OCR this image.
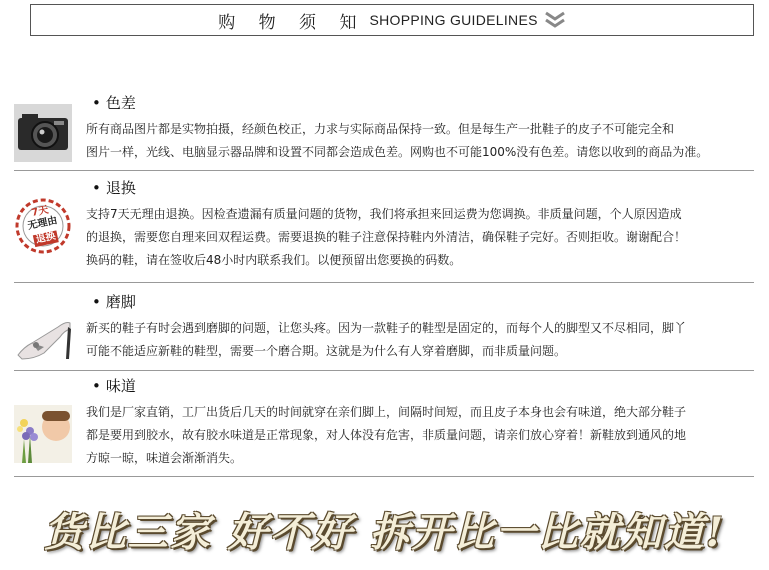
购 物 须 知 SHOPPING GUIDELINES
• 色差

所有商品图片都是实物拍摄，经颜色校正，力求与实际商品保持一致。但是每生产一批鞋子的皮子不可能完全和

图片一样，光线、电脑显示器品牌和设置不同都会造成色差。网购也不可能100%没有色差。请您以收到的商品为准。

7天
无理由
退换
• 退换

支持7天无理由退换。因检查遗漏有质量问题的货物，我们将承担来回运费为您调换。非质量问题，个人原因造成

的退换，需要您自理来回双程运费。需要退换的鞋子注意保持鞋内外清洁，确保鞋子完好。否则拒收。谢谢配合！

换码的鞋，请在签收后48小时内联系我们。以便预留出您要换的码数。

• 磨脚

新买的鞋子有时会遇到磨脚的问题，让您头疼。因为一款鞋子的鞋型是固定的，而每个人的脚型又不尽相同，脚丫

可能不能适应新鞋的鞋型，需要一个磨合期。这就是为什么有人穿着磨脚，而非质量问题。

• 味道

我们是厂家直销，工厂出货后几天的时间就穿在亲们脚上，间隔时间短，而且皮子本身也会有味道，绝大部分鞋子

都是要用到胶水，故有胶水味道是正常现象，对人体没有危害，非质量问题，请亲们放心穿着！新鞋放到通风的地

方晾一晾，味道会渐渐消失。

货比三家 好不好 拆开比一比就知道!
